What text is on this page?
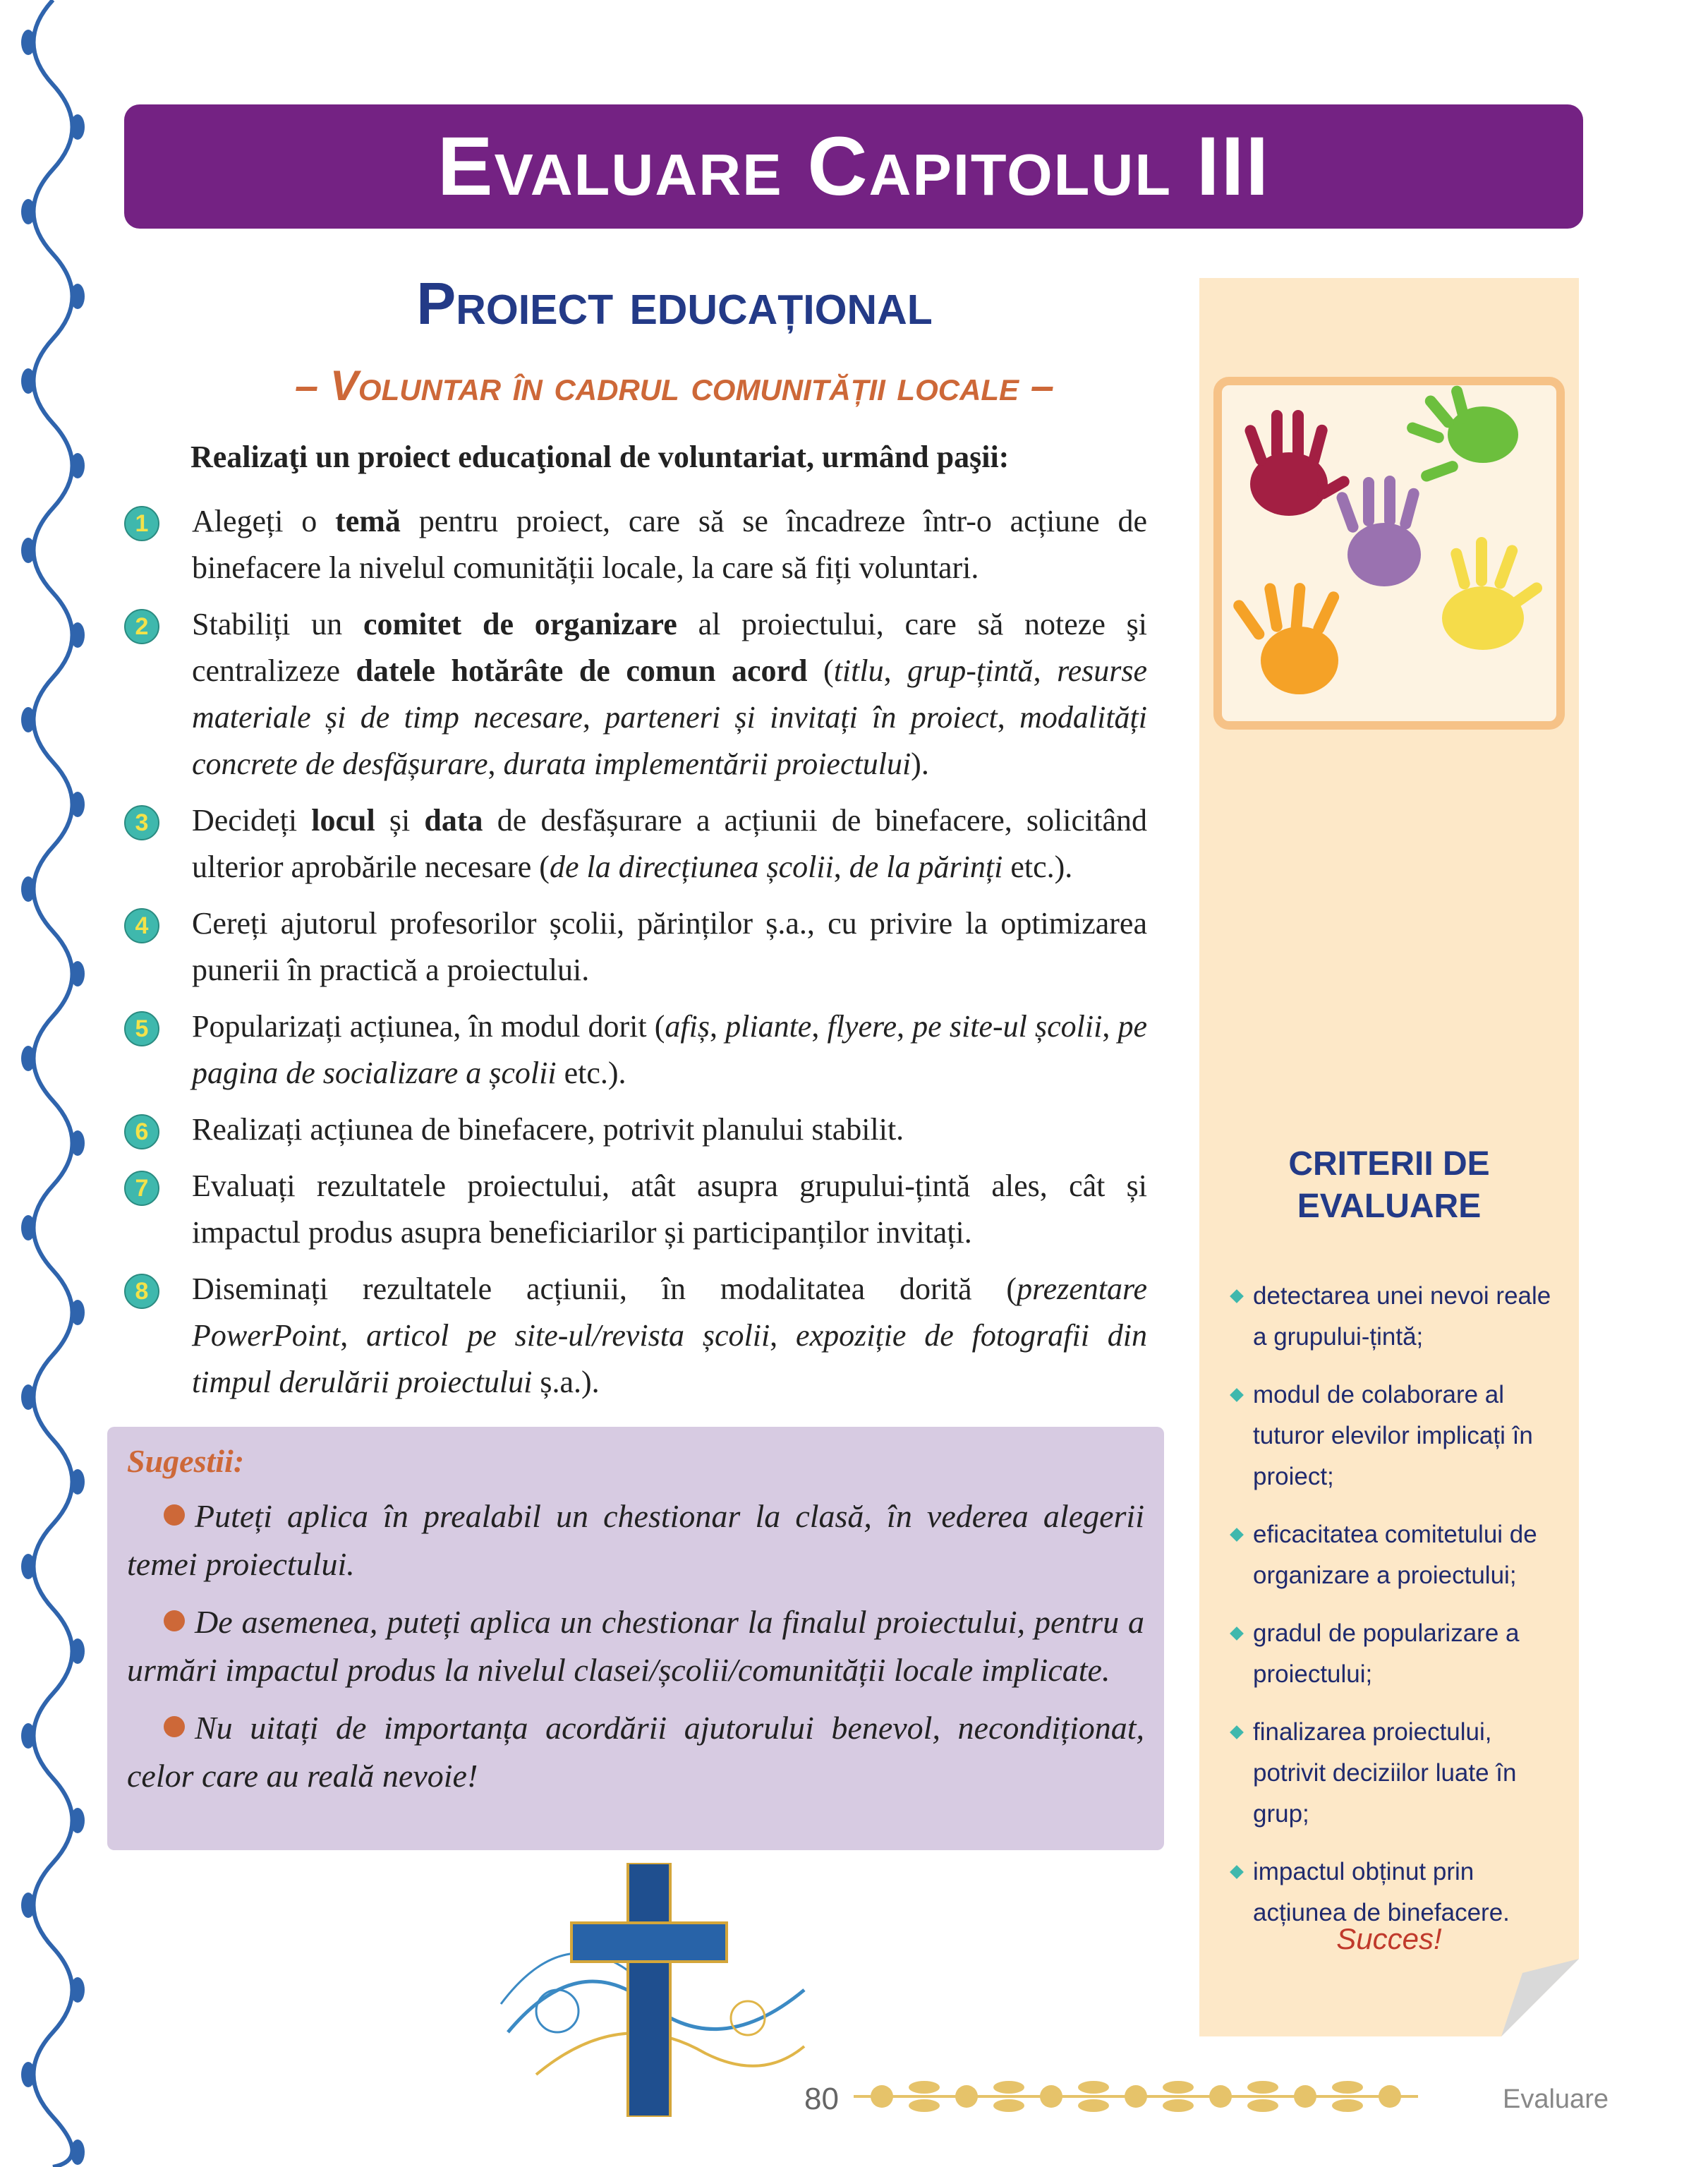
Evaluare Capitolul III
Proiect educațional
– Voluntar în cadrul comunității locale –
Realizaţi un proiect educaţional de voluntariat, urmând paşii:
1	Alegeți o temă pentru proiect, care să se încadreze într-o acțiune de binefacere la nivelul comunității locale, la care să fiți voluntari.
2	Stabiliți un comitet de organizare al proiectului, care să noteze şi centralizeze datele hotărâte de comun acord (titlu, grup-țintă, resurse materiale și de timp necesare, parteneri și invitați în proiect, modalități concrete de desfășurare, durata implementării proiectului).
3	Decideți locul și data de desfășurare a acțiunii de binefacere, solicitând ulterior aprobările necesare (de la direcțiunea școlii, de la părinți etc.).
4	Cereți ajutorul profesorilor școlii, părinților ș.a., cu privire la optimizarea punerii în practică a proiectului.
5	Popularizați acțiunea, în modul dorit (afiș, pliante, flyere, pe site-ul școlii, pe pagina de socializare a școlii etc.).
6	Realizați acțiunea de binefacere, potrivit planului stabilit.
7	Evaluați rezultatele proiectului, atât asupra grupului-țintă ales, cât și impactul produs asupra beneficiarilor și participanților invitați.
8	Diseminați rezultatele acțiunii, în modalitatea dorită (prezentare PowerPoint, articol pe site-ul/revista școlii, expoziție de fotografii din timpul derulării proiectului ș.a.).
Sugestii:

Puteți aplica în prealabil un chestionar la clasă, în vederea alegerii temei proiectului.

De asemenea, puteți aplica un chestionar la finalul proiectului, pentru a urmări impactul produs la nivelul clasei/școlii/comunității locale implicate.

Nu uitați de importanța acordării ajutorului benevol, necondiționat, celor care au reală nevoie!

CRITERII DE
EVALUARE
detectarea unei nevoi reale a grupului-țintă;
modul de colaborare al tuturor elevilor implicați în proiect;
eficacitatea comitetului de organizare a proiectului;
gradul de popularizare a proiectului;
finalizarea proiectului, potrivit deciziilor luate în grup;
impactul obținut prin acțiunea de binefacere.
Succes!
80	Evaluare
